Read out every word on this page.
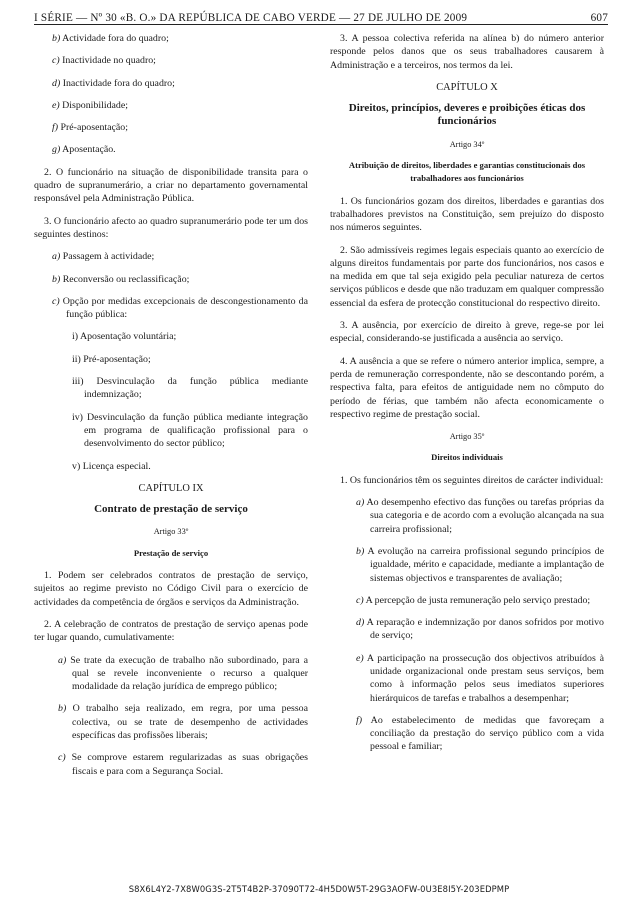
I SÉRIE — Nº 30 «B. O.» DA REPÚBLICA DE CABO VERDE — 27 DE JULHO DE 2009	607

b) Actividade fora do quadro;

c) Inactividade no quadro;

d) Inactividade fora do quadro;

e) Disponibilidade;

f) Pré-aposentação;

g) Aposentação.

2. O funcionário na situação de disponibilidade transita para o quadro de supranumerário, a criar no departamento governamental responsável pela Administração Pública.

3. O funcionário afecto ao quadro supranumerário pode ter um dos seguintes destinos:

a) Passagem à actividade;

b) Reconversão ou reclassificação;

c) Opção por medidas excepcionais de descongestionamento da função pública:

i) Aposentação voluntária;

ii) Pré-aposentação;

iii) Desvinculação da função pública mediante indemnização;

iv) Desvinculação da função pública mediante integração em programa de qualificação profissional para o desenvolvimento do sector público;

v) Licença especial.

CAPÍTULO IX

Contrato de prestação de serviço

Artigo 33º

Prestação de serviço

1. Podem ser celebrados contratos de prestação de serviço, sujeitos ao regime previsto no Código Civil para o exercício de actividades da competência de órgãos e serviços da Administração.

2. A celebração de contratos de prestação de serviço apenas pode ter lugar quando, cumulativamente:

a) Se trate da execução de trabalho não subordinado, para a qual se revele inconveniente o recurso a qualquer modalidade da relação jurídica de emprego público;

b) O trabalho seja realizado, em regra, por uma pessoa colectiva, ou se trate de desempenho de actividades específicas das profissões liberais;

c) Se comprove estarem regularizadas as suas obrigações fiscais e para com a Segurança Social.

3. A pessoa colectiva referida na alínea b) do número anterior responde pelos danos que os seus trabalhadores causarem à Administração e a terceiros, nos termos da lei.

CAPÍTULO X

Direitos, princípios, deveres e proibições éticas dos funcionários

Artigo 34º

Atribuição de direitos, liberdades e garantias constitucionais dos trabalhadores aos funcionários

1. Os funcionários gozam dos direitos, liberdades e garantias dos trabalhadores previstos na Constituição, sem prejuízo do disposto nos números seguintes.

2. São admissíveis regimes legais especiais quanto ao exercício de alguns direitos fundamentais por parte dos funcionários, nos casos e na medida em que tal seja exigido pela peculiar natureza de certos serviços públicos e desde que não traduzam em qualquer compressão essencial da esfera de protecção constitucional do respectivo direito.

3. A ausência, por exercício de direito à greve, rege-se por lei especial, considerando-se justificada a ausência ao serviço.

4. A ausência a que se refere o número anterior implica, sempre, a perda de remuneração correspondente, não se descontando porém, a respectiva falta, para efeitos de antiguidade nem no cômputo do período de férias, que também não afecta economicamente o respectivo regime de prestação social.

Artigo 35º

Direitos individuais

1. Os funcionários têm os seguintes direitos de carácter individual:

a) Ao desempenho efectivo das funções ou tarefas próprias da sua categoria e de acordo com a evolução alcançada na sua carreira profissional;

b) A evolução na carreira profissional segundo princípios de igualdade, mérito e capacidade, mediante a implantação de sistemas objectivos e transparentes de avaliação;

c) A percepção de justa remuneração pelo serviço prestado;

d) A reparação e indemnização por danos sofridos por motivo de serviço;

e) A participação na prossecução dos objectivos atribuídos à unidade organizacional onde prestam seus serviços, bem como à informação pelos seus imediatos superiores hierárquicos de tarefas e trabalhos a desempenhar;

f) Ao estabelecimento de medidas que favoreçam a conciliação da prestação do serviço público com a vida pessoal e familiar;

S8X6L4Y2-7X8W0G3S-2T5T4B2P-37090T72-4H5D0W5T-29G3AOFW-0U3E8I5Y-203EDPMP
